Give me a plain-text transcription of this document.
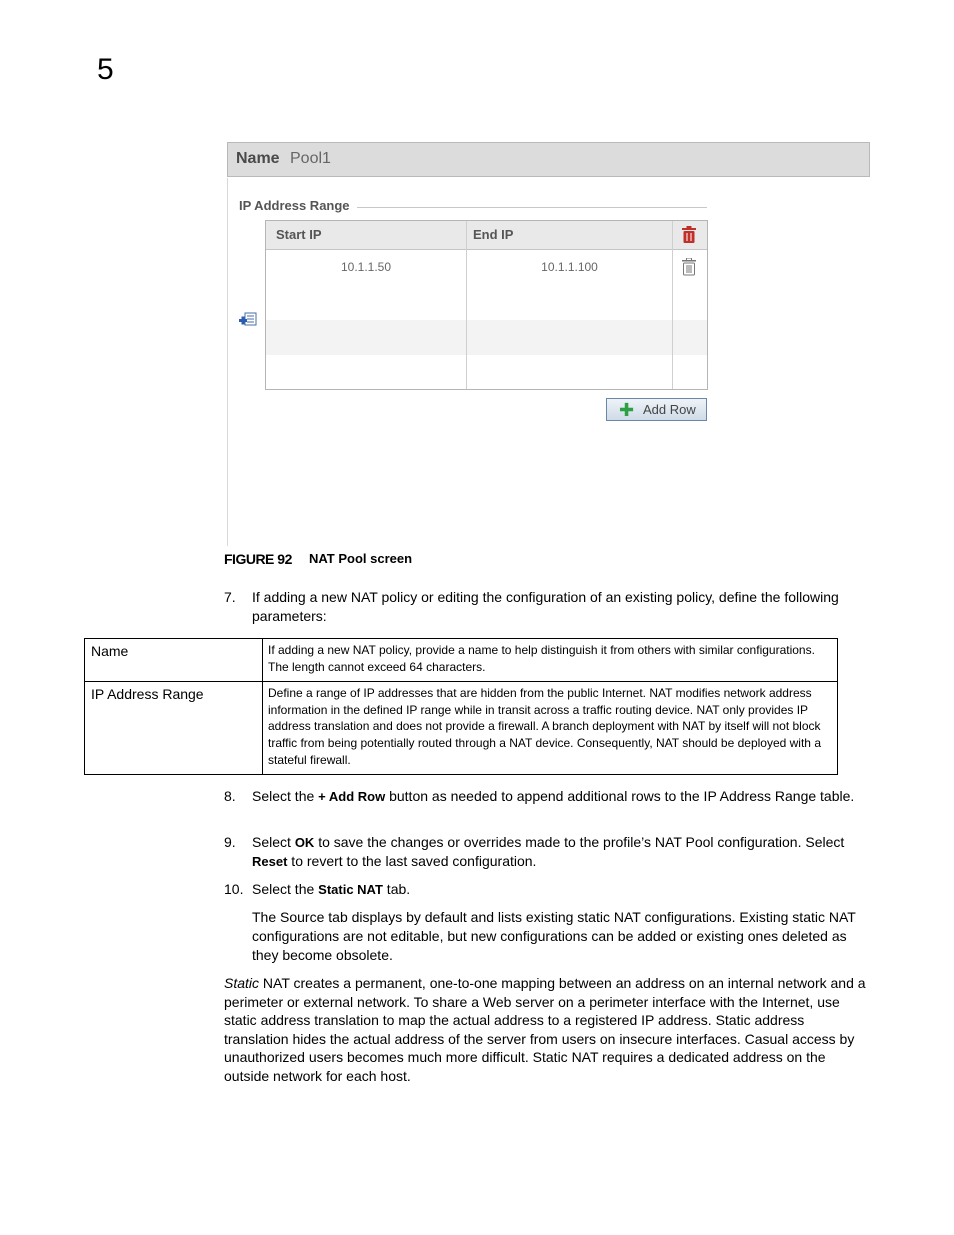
5
Name Pool1
IP Address Range
Start IP	End IP
10.1.1.50	10.1.1.100
✚ Add Row
FIGURE 92 NAT Pool screen
7. If adding a new NAT policy or editing the configuration of an existing policy, define the following parameters:
Name	If adding a new NAT policy, provide a name to help distinguish it from others with similar configurations. The length cannot exceed 64 characters.
IP Address Range	Define a range of IP addresses that are hidden from the public Internet. NAT modifies network address information in the defined IP range while in transit across a traffic routing device. NAT only provides IP address translation and does not provide a firewall. A branch deployment with NAT by itself will not block traffic from being potentially routed through a NAT device. Consequently, NAT should be deployed with a stateful firewall.
8. Select the + Add Row button as needed to append additional rows to the IP Address Range table.
9. Select OK to save the changes or overrides made to the profile’s NAT Pool configuration. Select Reset to revert to the last saved configuration.
10. Select the Static NAT tab.
The Source tab displays by default and lists existing static NAT configurations. Existing static NAT configurations are not editable, but new configurations can be added or existing ones deleted as they become obsolete.
Static NAT creates a permanent, one-to-one mapping between an address on an internal network and a perimeter or external network. To share a Web server on a perimeter interface with the Internet, use static address translation to map the actual address to a registered IP address. Static address translation hides the actual address of the server from users on insecure interfaces. Casual access by unauthorized users becomes much more difficult. Static NAT requires a dedicated address on the outside network for each host.
